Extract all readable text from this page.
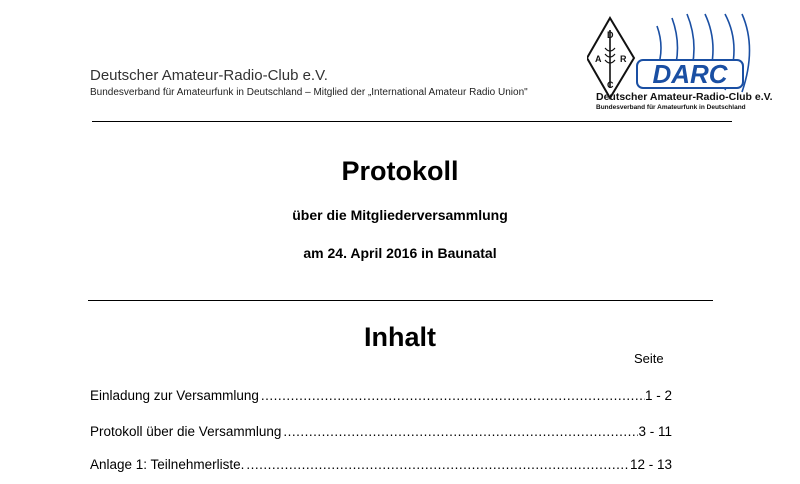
Deutscher Amateur-Radio-Club e.V.
Bundesverband für Amateurfunk in Deutschland – Mitglied der „International Amateur Radio Union"
D
A R
C DARC
Deutscher Amateur-Radio-Club e.V.
Bundesverband für Amateurfunk in Deutschland
Protokoll
über die Mitgliederversammlung
am 24. April 2016 in Baunatal
Inhalt
Seite
Einladung zur Versammlung .....	1 - 2
Protokoll über die Versammlung .....	3 - 11
Anlage 1: Teilnehmerliste. .....	12 - 13
